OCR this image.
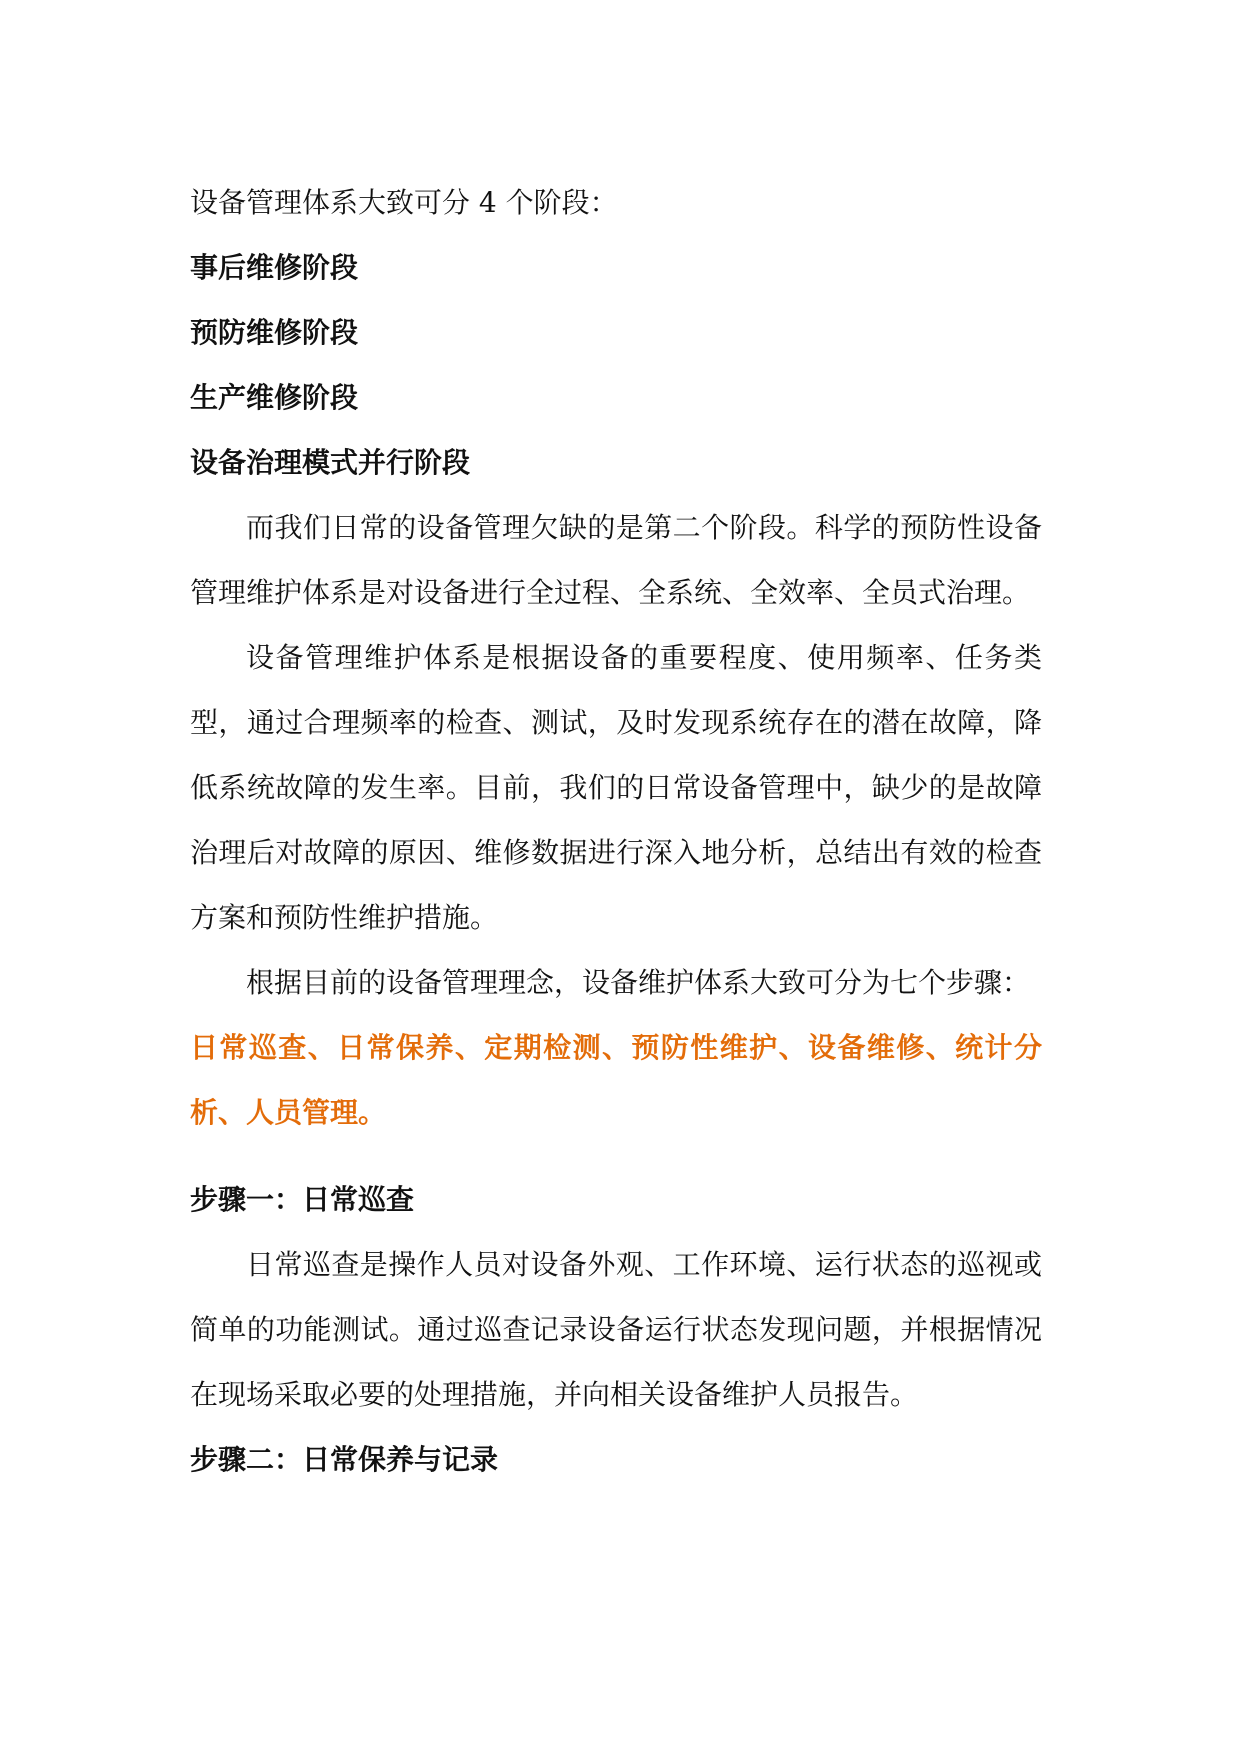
设备管理体系大致可分 4 个阶段：

事后维修阶段

预防维修阶段

生产维修阶段

设备治理模式并行阶段

而我们日常的设备管理欠缺的是第二个阶段。科学的预防性设备管理维护体系是对设备进行全过程、全系统、全效率、全员式治理。

设备管理维护体系是根据设备的重要程度、使用频率、任务类型，通过合理频率的检查、测试，及时发现系统存在的潜在故障，降低系统故障的发生率。目前，我们的日常设备管理中，缺少的是故障治理后对故障的原因、维修数据进行深入地分析，总结出有效的检查方案和预防性维护措施。

根据目前的设备管理理念，设备维护体系大致可分为七个步骤：

日常巡查、日常保养、定期检测、预防性维护、设备维修、统计分析、人员管理。

步骤一：日常巡查

日常巡查是操作人员对设备外观、工作环境、运行状态的巡视或简单的功能测试。通过巡查记录设备运行状态发现问题，并根据情况在现场采取必要的处理措施，并向相关设备维护人员报告。

步骤二：日常保养与记录
